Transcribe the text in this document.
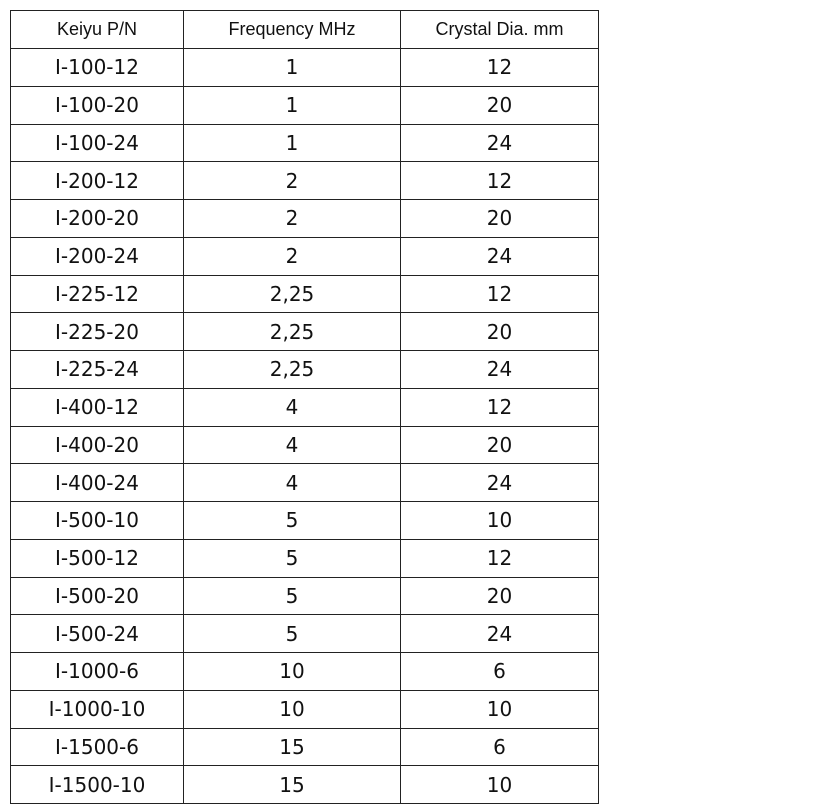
Keiyu P/N	Frequency MHz	Crystal Dia. mm
I-100-12	1	12
I-100-20	1	20
I-100-24	1	24
I-200-12	2	12
I-200-20	2	20
I-200-24	2	24
I-225-12	2,25	12
I-225-20	2,25	20
I-225-24	2,25	24
I-400-12	4	12
I-400-20	4	20
I-400-24	4	24
I-500-10	5	10
I-500-12	5	12
I-500-20	5	20
I-500-24	5	24
I-1000-6	10	6
I-1000-10	10	10
I-1500-6	15	6
I-1500-10	15	10
